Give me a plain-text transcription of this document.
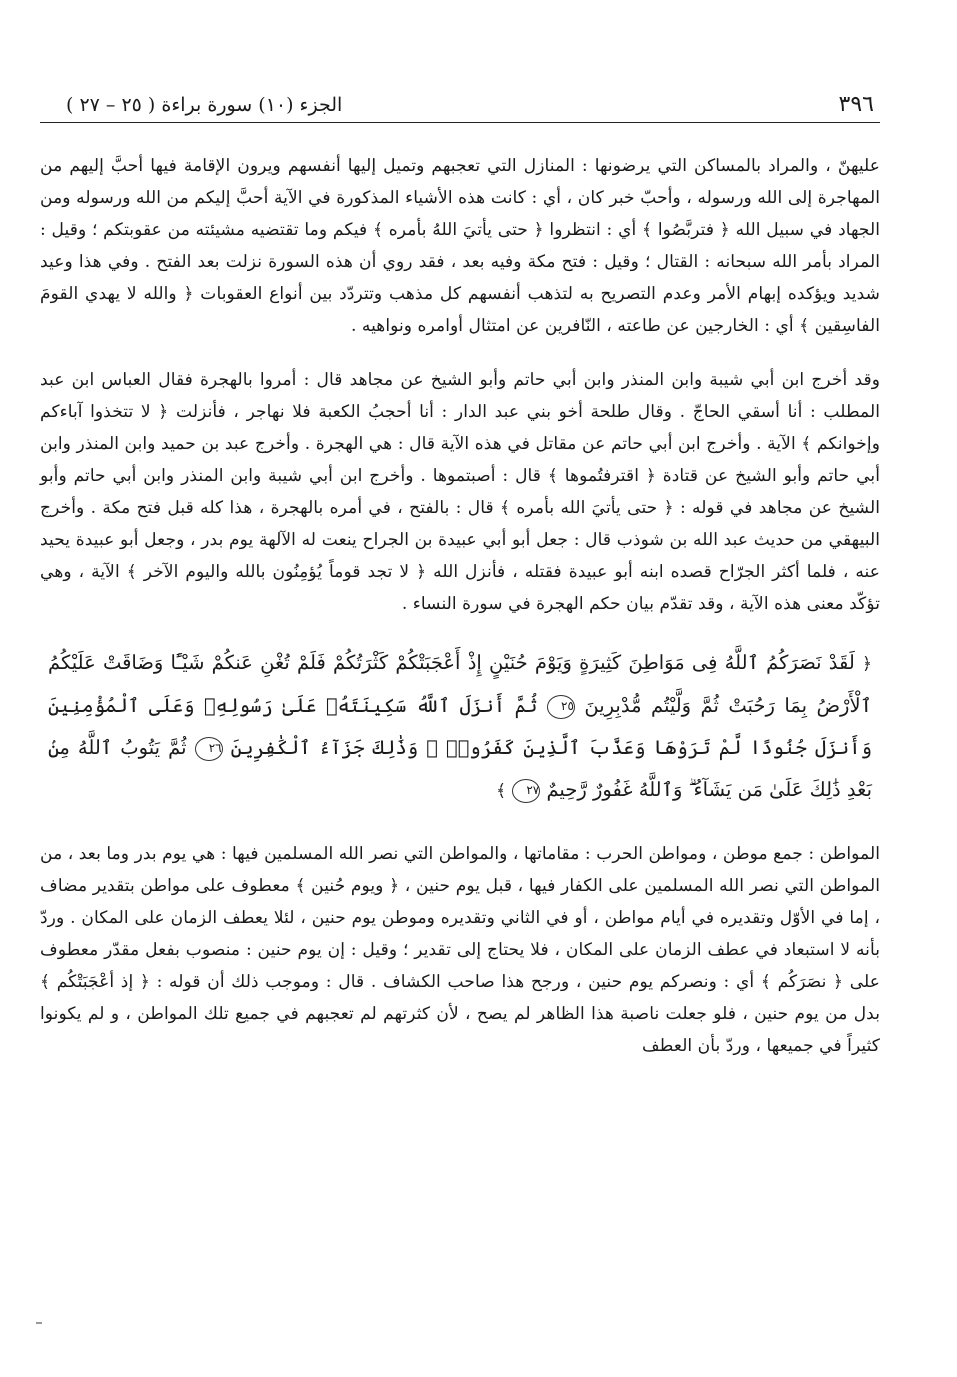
٣٩٦
الجزء (١٠) سورة براءة ( ٢٥ – ٢٧ )

عليهنّ ، والمراد بالمساكن التي يرضونها : المنازل التي تعجبهم وتميل إليها أنفسهم ويرون الإقامة فيها أحبَّ إليهم من المهاجرة إلى الله ورسوله ، وأحبّ خبر كان ، أي : كانت هذه الأشياء المذكورة في الآية أحبَّ إليكم من الله ورسوله ومن الجهاد في سبيل الله ﴿ فتربَّصُوا ﴾ أي : انتظروا ﴿ حتى يأتيَ اللهُ بأمره ﴾ فيكم وما تقتضيه مشيئته من عقوبتكم ؛ وقيل : المراد بأمر الله سبحانه : القتال ؛ وقيل : فتح مكة وفيه بعد ، فقد روي أن هذه السورة نزلت بعد الفتح . وفي هذا وعيد شديد ويؤكده إبهام الأمر وعدم التصريح به لتذهب أنفسهم كل مذهب وتتردّد بين أنواع العقوبات ﴿ والله لا يهدي القومَ الفاسِقين ﴾ أي : الخارجين عن طاعته ، النّافرين عن امتثال أوامره ونواهيه .

وقد أخرج ابن أبي شيبة وابن المنذر وابن أبي حاتم وأبو الشيخ عن مجاهد قال : أمروا بالهجرة فقال العباس ابن عبد المطلب : أنا أسقي الحاجّ . وقال طلحة أخو بني عبد الدار : أنا أحجبُ الكعبة فلا نهاجر ، فأنزلت ﴿ لا تتخذوا آباءكم وإخوانكم ﴾ الآية . وأخرج ابن أبي حاتم عن مقاتل في هذه الآية قال : هي الهجرة . وأخرج عبد بن حميد وابن المنذر وابن أبي حاتم وأبو الشيخ عن قتادة ﴿ اقترفتُموها ﴾ قال : أصبتموها . وأخرج ابن أبي شيبة وابن المنذر وابن أبي حاتم وأبو الشيخ عن مجاهد في قوله : ﴿ حتى يأتيَ الله بأمره ﴾ قال : بالفتح ، في أمره بالهجرة ، هذا كله قبل فتح مكة . وأخرج البيهقي من حديث عبد الله بن شوذب قال : جعل أبو أبي عبيدة بن الجراح ينعت له الآلهة يوم بدر ، وجعل أبو عبيدة يحيد عنه ، فلما أكثر الجرّاح قصده ابنه أبو عبيدة فقتله ، فأنزل الله ﴿ لا تجد قوماً يُؤمِنُون بالله واليوم الآخر ﴾ الآية ، وهي تؤكّد معنى هذه الآية ، وقد تقدّم بيان حكم الهجرة في سورة النساء .

﴿ لَقَدْ نَصَرَكُمُ ٱللَّهُ فِى مَوَاطِنَ كَثِيرَةٍ وَيَوْمَ حُنَيْنٍ إِذْ أَعْجَبَتْكُمْ كَثْرَتُكُمْ فَلَمْ تُغْنِ عَنكُمْ شَيْـًٔا وَضَاقَتْ عَلَيْكُمُ ٱلْأَرْضُ بِمَا رَحُبَتْ ثُمَّ وَلَّيْتُم مُّدْبِرِينَ ٢٥ ثُمَّ أَنزَلَ ٱللَّهُ سَكِينَتَهُۥ عَلَىٰ رَسُولِهِۦ وَعَلَى ٱلْمُؤْمِنِينَ وَأَنزَلَ جُنُودًا لَّمْ تَرَوْهَا وَعَذَّبَ ٱلَّذِينَ كَفَرُوا۟ ۚ وَذَٰلِكَ جَزَآءُ ٱلْكَٰفِرِينَ ٢٦ ثُمَّ يَتُوبُ ٱللَّهُ مِنۢ بَعْدِ ذَٰلِكَ عَلَىٰ مَن يَشَآءُ ۗ وَٱللَّهُ غَفُورٌ رَّحِيمٌ ٢٧ ﴾

المواطن : جمع موطن ، ومواطن الحرب : مقاماتها ، والمواطن التي نصر الله المسلمين فيها : هي يوم بدر وما بعد ، من المواطن التي نصر الله المسلمين على الكفار فيها ، قبل يوم حنين ، ﴿ ويوم حُنين ﴾ معطوف على مواطن بتقدير مضاف ، إما في الأوّل وتقديره في أيام مواطن ، أو في الثاني وتقديره وموطن يوم حنين ، لئلا يعطف الزمان على المكان . وردّ بأنه لا استبعاد في عطف الزمان على المكان ، فلا يحتاج إلى تقدير ؛ وقيل : إن يوم حنين : منصوب بفعل مقدّر معطوف على ﴿ نصَرَكُم ﴾ أي : ونصركم يوم حنين ، ورجح هذا صاحب الكشاف . قال : وموجب ذلك أن قوله : ﴿ إذ أعْجَبَتْكُم ﴾ بدل من يوم حنين ، فلو جعلت ناصبة هذا الظاهر لم يصح ، لأن كثرتهم لم تعجبهم في جميع تلك المواطن ، و لم يكونوا كثيراً في جميعها ، وردّ بأن العطف
